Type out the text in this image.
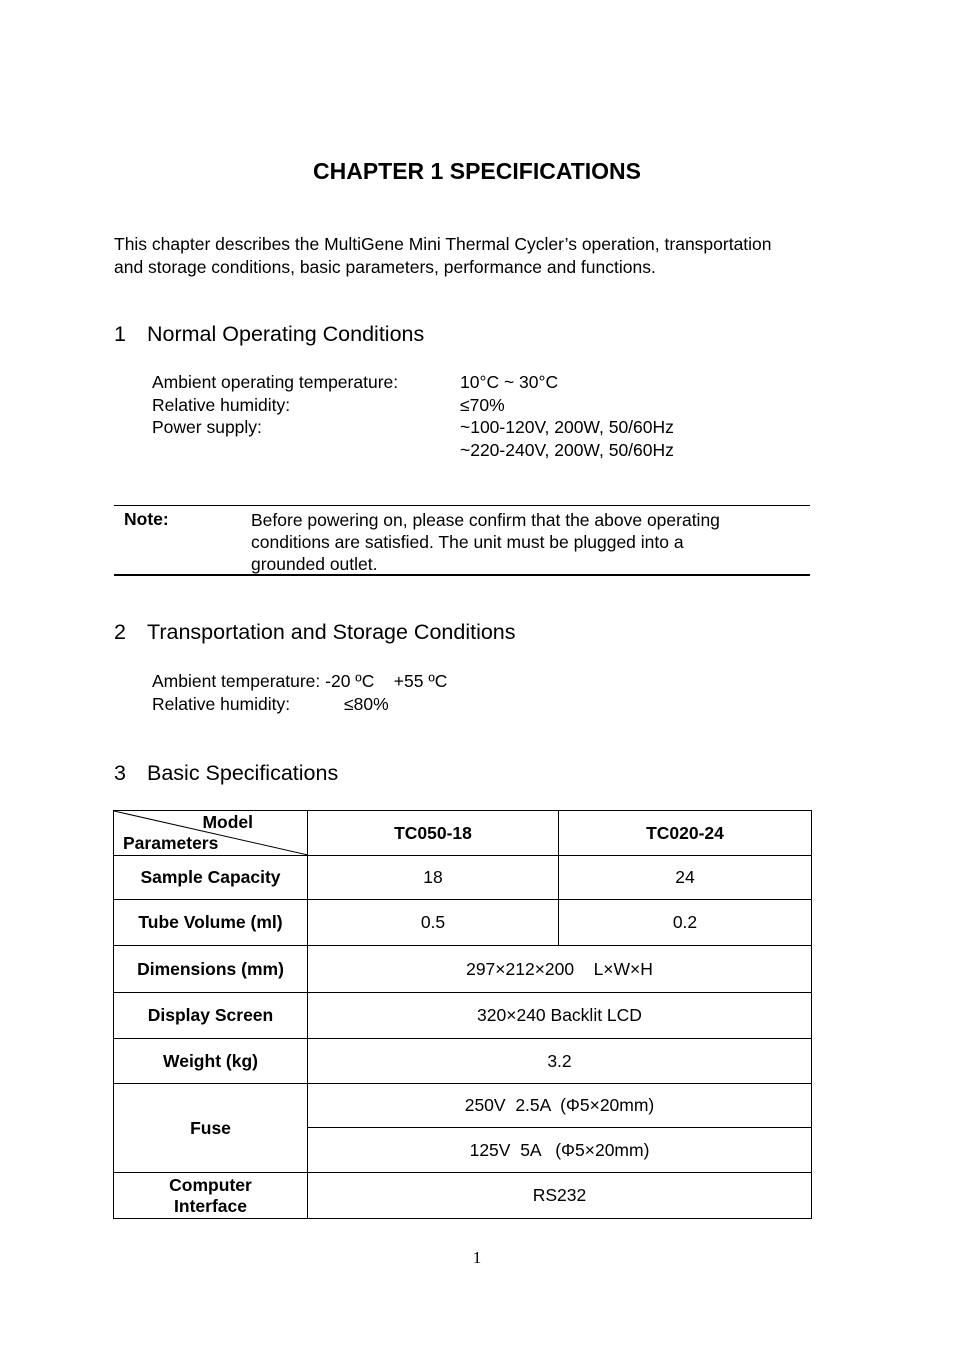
CHAPTER 1 SPECIFICATIONS
This chapter describes the MultiGene Mini Thermal Cycler’s operation, transportation
and storage conditions, basic parameters, performance and functions.
1 Normal Operating Conditions
Ambient operating temperature:	10°C ~ 30°C
Relative humidity:	≤70%
Power supply:	~100-120V, 200W, 50/60Hz
~220-240V, 200W, 50/60Hz
Note:	Before powering on, please confirm that the above operating
conditions are satisfied. The unit must be plugged into a
grounded outlet.
2 Transportation and Storage Conditions
Ambient temperature: -20 ºC    +55 ºC
Relative humidity:	≤80%
3 Basic Specifications
Model
Parameters	TC050-18	TC020-24
Sample Capacity	18	24
Tube Volume (ml)	0.5	0.2
Dimensions (mm)	297×212×200    L×W×H	
Display Screen	320×240 Backlit LCD	
Weight (kg)	3.2	
Fuse	250V  2.5A  (Φ5×20mm)	
	125V  5A   (Φ5×20mm)	

Computer
Interface	RS232	
1
